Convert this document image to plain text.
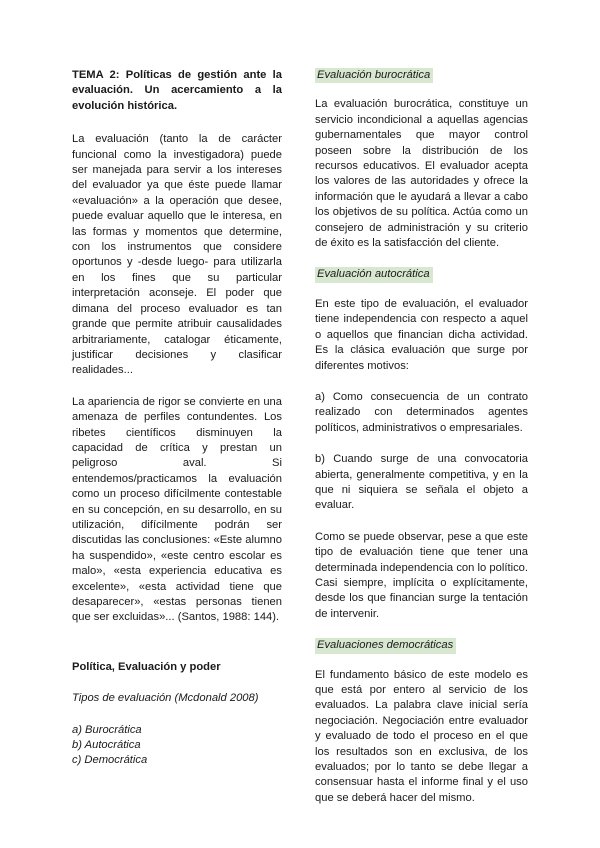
TEMA 2: Políticas de gestión ante la evaluación. Un acercamiento a la evolución histórica.

La evaluación (tanto la de carácter funcional como la investigadora) puede ser manejada para servir a los intereses del evaluador ya que éste puede llamar «evaluación» a la operación que desee, puede evaluar aquello que le interesa, en las formas y momentos que determine, con los instrumentos que considere oportunos y -desde luego- para utilizarla en los fines que su particular interpretación aconseje. El poder que dimana del proceso evaluador es tan grande que permite atribuir causalidades arbitrariamente, catalogar éticamente, justificar decisiones y clasificar realidades...

La apariencia de rigor se convierte en una amenaza de perfiles contundentes. Los ribetes científicos disminuyen la capacidad de crítica y prestan un peligroso aval. Si entendemos/practicamos la evaluación como un proceso difícilmente contestable en su concepción, en su desarrollo, en su utilización, difícilmente podrán ser discutidas las conclusiones: «Este alumno ha suspendido», «este centro escolar es malo», «esta experiencia educativa es excelente», «esta actividad tiene que desaparecer», «estas personas tienen que ser excluidas»... (Santos, 1988: 144).

Política, Evaluación y poder
Tipos de evaluación (Mcdonald 2008)
a) Burocrática
b) Autocrática
c) Democrática
Evaluación burocrática

La evaluación burocrática, constituye un servicio incondicional a aquellas agencias gubernamentales que mayor control poseen sobre la distribución de los recursos educativos. El evaluador acepta los valores de las autoridades y ofrece la información que le ayudará a llevar a cabo los objetivos de su política. Actúa como un consejero de administración y su criterio de éxito es la satisfacción del cliente.

Evaluación autocrática

En este tipo de evaluación, el evaluador tiene independencia con respecto a aquel o aquellos que financian dicha actividad. Es la clásica evaluación que surge por diferentes motivos:

a) Como consecuencia de un contrato realizado con determinados agentes políticos, administrativos o empresariales.

b) Cuando surge de una convocatoria abierta, generalmente competitiva, y en la que ni siquiera se señala el objeto a evaluar.

Como se puede observar, pese a que este tipo de evaluación tiene que tener una determinada independencia con lo político. Casi siempre, implícita o explícitamente, desde los que financian surge la tentación de intervenir.

Evaluaciones democráticas

El fundamento básico de este modelo es que está por entero al servicio de los evaluados. La palabra clave inicial sería negociación. Negociación entre evaluador y evaluado de todo el proceso en el que los resultados son en exclusiva, de los evaluados; por lo tanto se debe llegar a consensuar hasta el informe final y el uso que se deberá hacer del mismo.
